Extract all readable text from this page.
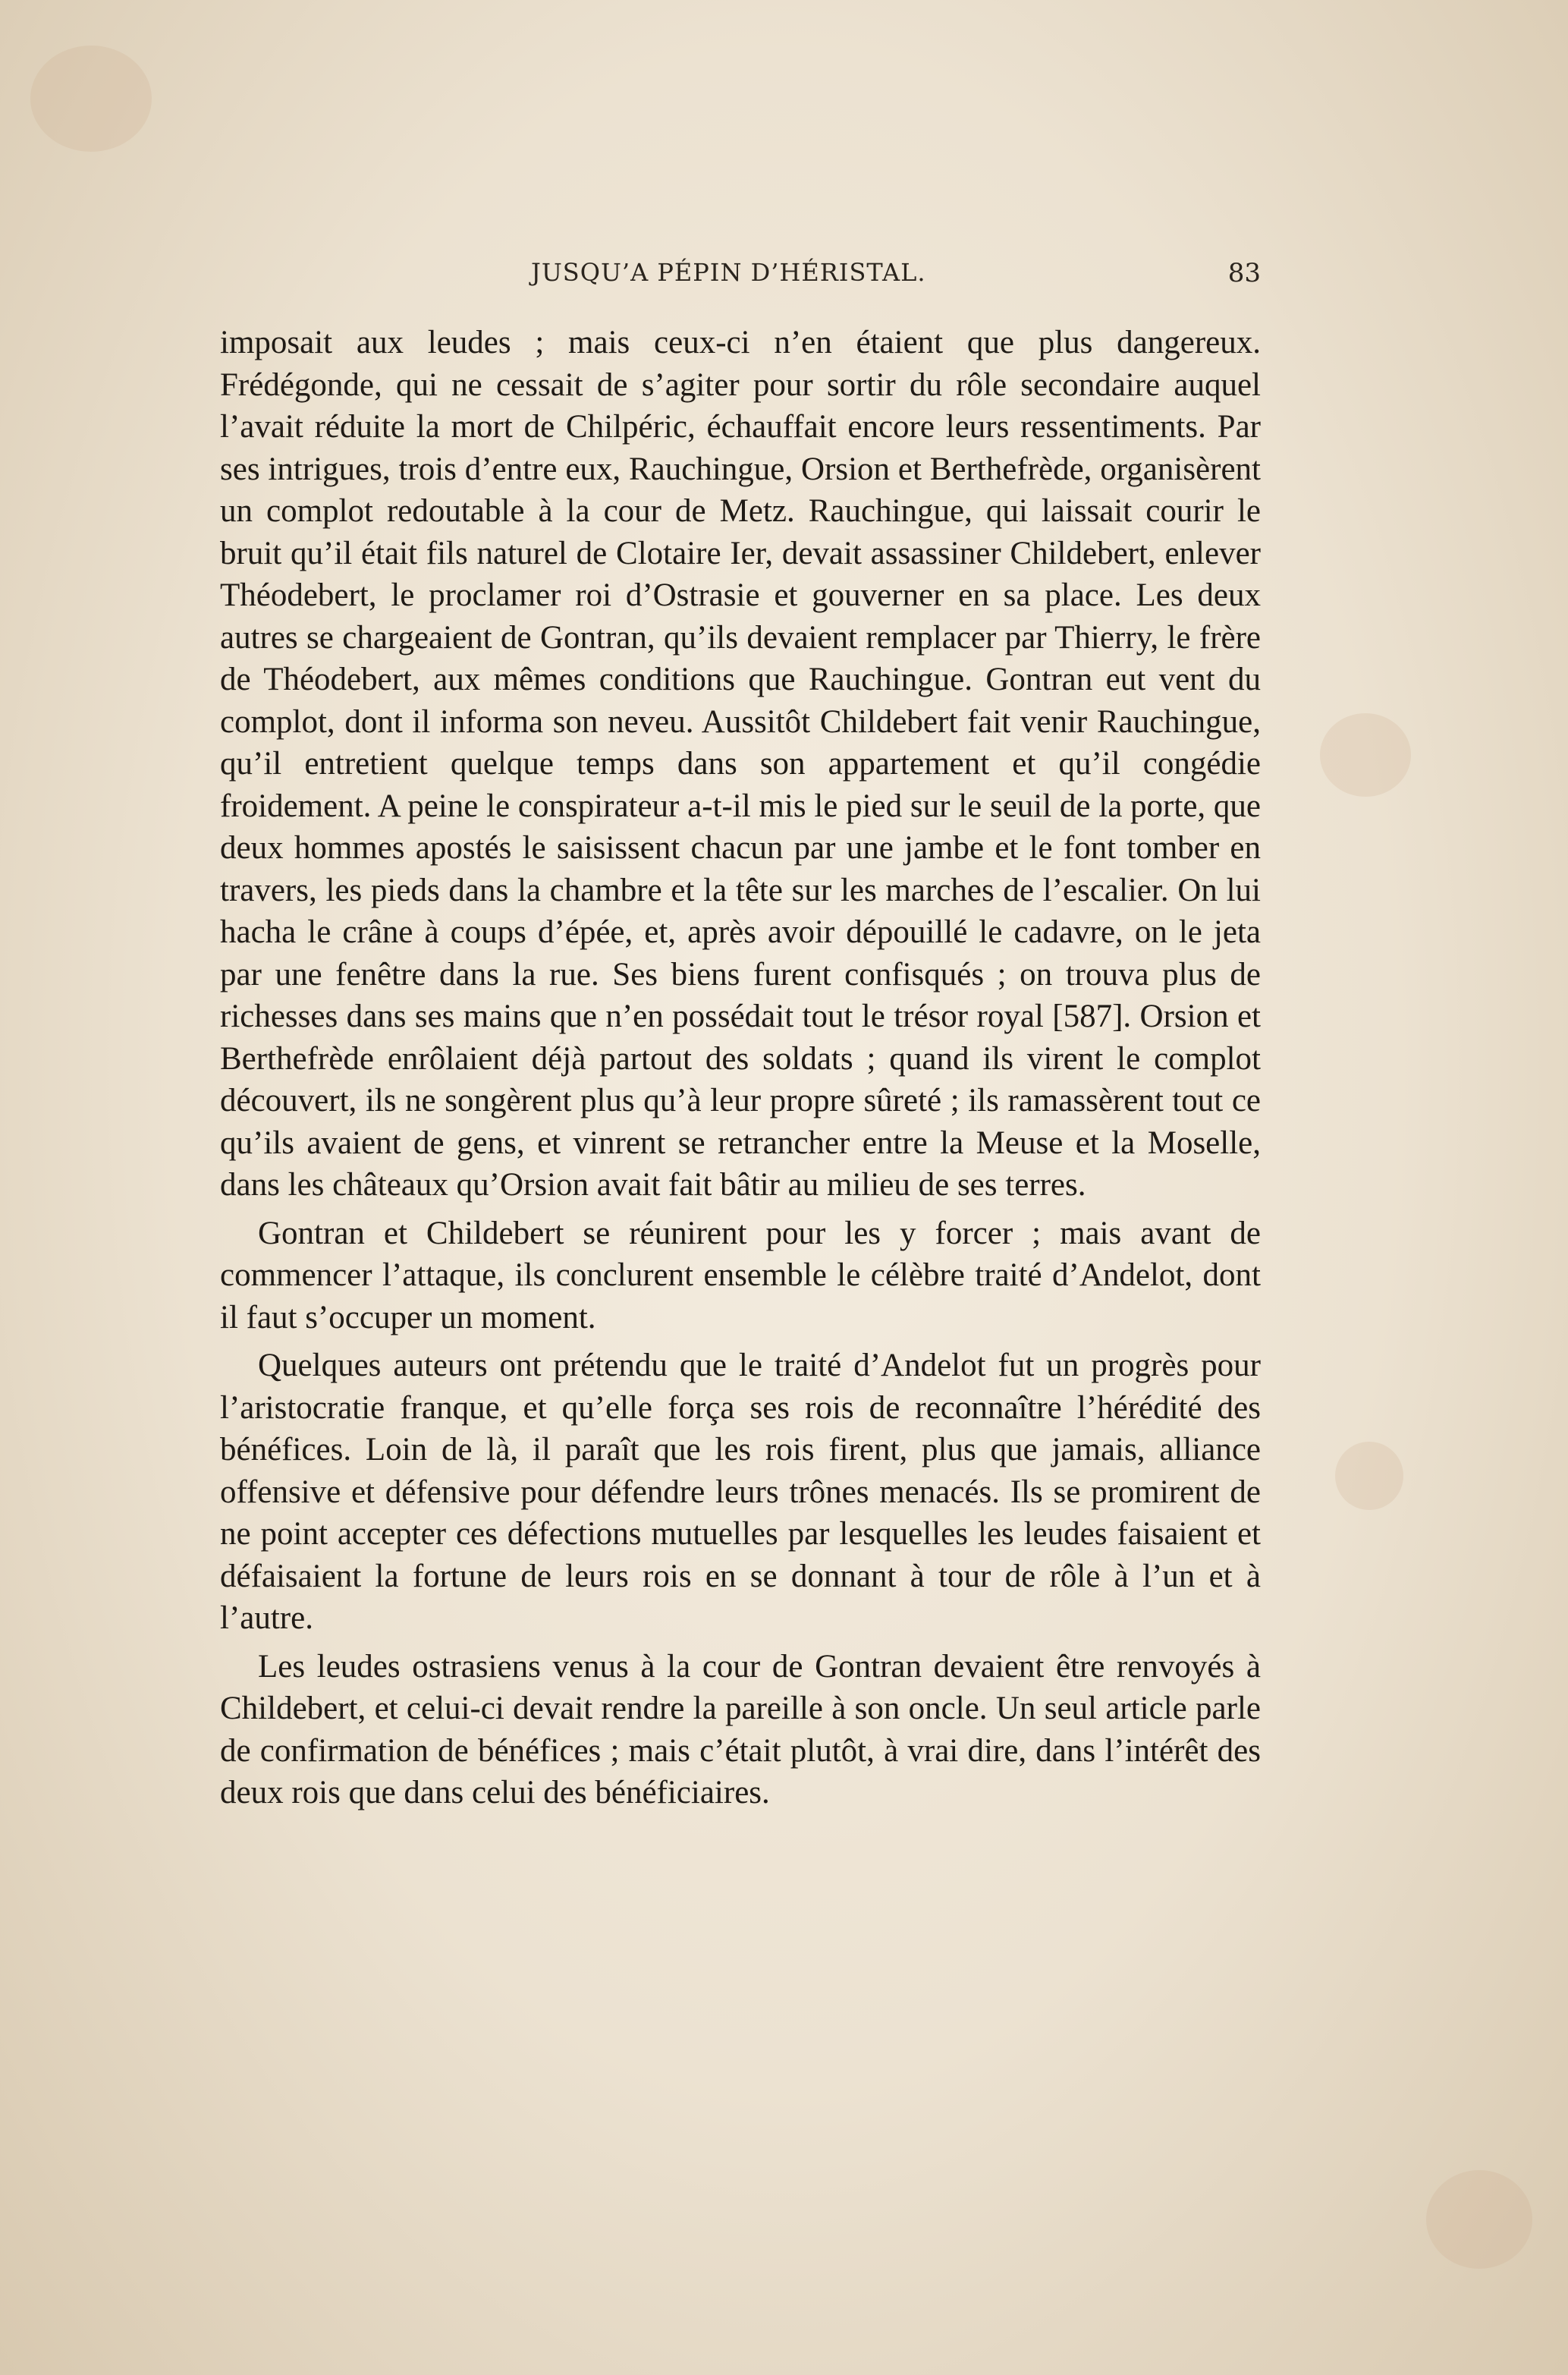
JUSQU’A PÉPIN D’HÉRISTAL.	83

imposait aux leudes ; mais ceux-ci n’en étaient que plus dangereux. Frédégonde, qui ne cessait de s’agiter pour sortir du rôle secondaire auquel l’avait réduite la mort de Chilpéric, échauffait encore leurs ressentiments. Par ses intrigues, trois d’entre eux, Rauchingue, Orsion et Berthefrède, organisèrent un complot redoutable à la cour de Metz. Rauchingue, qui laissait courir le bruit qu’il était fils naturel de Clotaire Ier, devait assassiner Childebert, enlever Théodebert, le proclamer roi d’Ostrasie et gouverner en sa place. Les deux autres se chargeaient de Gontran, qu’ils devaient remplacer par Thierry, le frère de Théodebert, aux mêmes conditions que Rauchingue. Gontran eut vent du complot, dont il informa son neveu. Aussitôt Childebert fait venir Rauchingue, qu’il entretient quelque temps dans son appartement et qu’il congédie froidement. A peine le conspirateur a-t-il mis le pied sur le seuil de la porte, que deux hommes apostés le saisissent chacun par une jambe et le font tomber en travers, les pieds dans la chambre et la tête sur les marches de l’escalier. On lui hacha le crâne à coups d’épée, et, après avoir dépouillé le cadavre, on le jeta par une fenêtre dans la rue. Ses biens furent confisqués ; on trouva plus de richesses dans ses mains que n’en possédait tout le trésor royal [587]. Orsion et Berthefrède enrôlaient déjà partout des soldats ; quand ils virent le complot découvert, ils ne songèrent plus qu’à leur propre sûreté ; ils ramassèrent tout ce qu’ils avaient de gens, et vinrent se retrancher entre la Meuse et la Moselle, dans les châteaux qu’Orsion avait fait bâtir au milieu de ses terres.

Gontran et Childebert se réunirent pour les y forcer ; mais avant de commencer l’attaque, ils conclurent ensemble le célèbre traité d’Andelot, dont il faut s’occuper un moment.

Quelques auteurs ont prétendu que le traité d’Andelot fut un progrès pour l’aristocratie franque, et qu’elle força ses rois de reconnaître l’hérédité des bénéfices. Loin de là, il paraît que les rois firent, plus que jamais, alliance offensive et défensive pour défendre leurs trônes menacés. Ils se promirent de ne point accepter ces défections mutuelles par lesquelles les leudes faisaient et défaisaient la fortune de leurs rois en se donnant à tour de rôle à l’un et à l’autre.

Les leudes ostrasiens venus à la cour de Gontran devaient être renvoyés à Childebert, et celui-ci devait rendre la pareille à son oncle. Un seul article parle de confirmation de bénéfices ; mais c’était plutôt, à vrai dire, dans l’intérêt des deux rois que dans celui des bénéficiaires.
